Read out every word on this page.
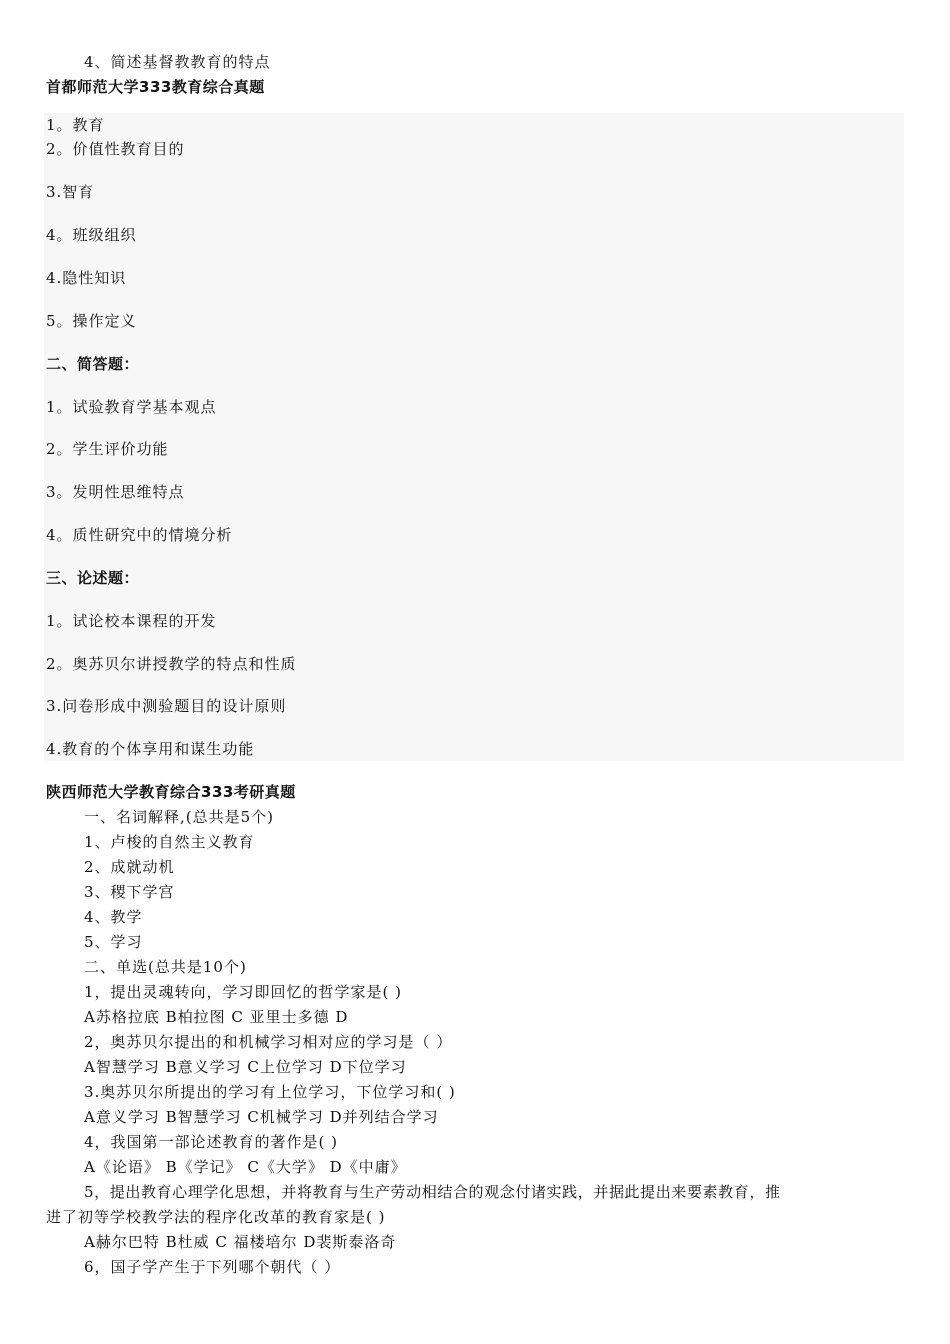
4、简述基督教教育的特点
首都师范大学333教育综合真题
1。教育
2。价值性教育目的
3.智育
4。班级组织
4.隐性知识
5。操作定义
二、简答题：
1。试验教育学基本观点
2。学生评价功能
3。发明性思维特点
4。质性研究中的情境分析
三、论述题：
1。试论校本课程的开发
2。奥苏贝尔讲授教学的特点和性质
3.问卷形成中测验题目的设计原则
4.教育的个体享用和谋生功能
陕西师范大学教育综合333考研真题
一、名词解释,(总共是5个)
1、卢梭的自然主义教育
2、成就动机
3、稷下学宫
4、教学
5、学习
二、单选(总共是10个)
1，提出灵魂转向，学习即回忆的哲学家是( )
A苏格拉底 B柏拉图 C 亚里士多德 D
2，奥苏贝尔提出的和机械学习相对应的学习是（ ）
A智慧学习 B意义学习 C上位学习 D下位学习
3.奥苏贝尔所提出的学习有上位学习，下位学习和( )
A意义学习 B智慧学习 C机械学习 D并列结合学习
4，我国第一部论述教育的著作是( )
A《论语》 B《学记》 C《大学》 D《中庸》
5，提出教育心理学化思想，并将教育与生产劳动相结合的观念付诸实践，并据此提出来要素教育，推
进了初等学校教学法的程序化改革的教育家是( )
A赫尔巴特 B杜威 C 福楼培尔 D裴斯泰洛奇
6，国子学产生于下列哪个朝代（ ）
